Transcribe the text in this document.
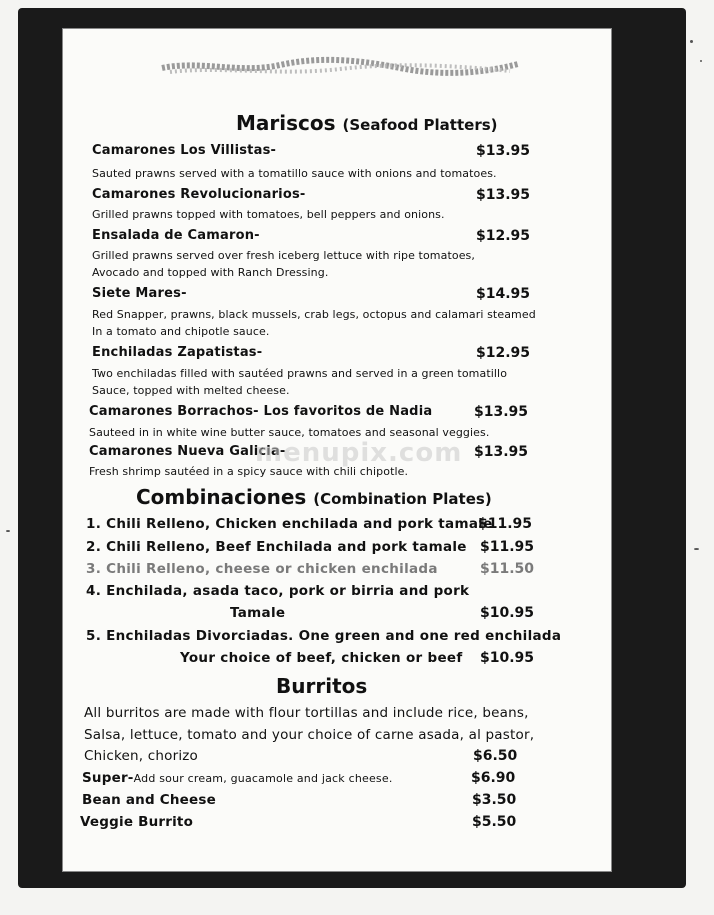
Mariscos (Seafood Platters)
Camarones Los Villistas-	$13.95
Sauted prawns served with a tomatillo sauce with onions and tomatoes.
Camarones Revolucionarios-	$13.95
Grilled prawns topped with tomatoes, bell peppers and onions.
Ensalada de Camaron-	$12.95
Grilled prawns served over fresh iceberg lettuce with ripe tomatoes,
Avocado and topped with Ranch Dressing.
Siete Mares-	$14.95
Red Snapper, prawns, black mussels, crab legs, octopus and calamari steamed
In a tomato and chipotle sauce.
Enchiladas Zapatistas-	$12.95
Two enchiladas filled with sautéed prawns and served in a green tomatillo
Sauce, topped with melted cheese.
Camarones Borrachos- Los favoritos de Nadia	$13.95
Sauteed in in white wine butter sauce, tomatoes and seasonal veggies.
Camarones Nueva Galicia-	$13.95
Fresh shrimp sautéed in a spicy sauce with chili chipotle.
menupix.com
Combinaciones (Combination Plates)
1. Chili Relleno, Chicken enchilada and pork tamale
$11.95
2. Chili Relleno, Beef Enchilada and pork tamale $11.95
3. Chili Relleno, cheese or chicken enchilada	$11.50
4. Enchilada, asada taco, pork or birria and pork
Tamale	$10.95
5. Enchiladas Divorciadas. One green and one red enchilada
Your choice of beef, chicken or beef $10.95
Burritos
All burritos are made with flour tortillas and include rice, beans,
Salsa, lettuce, tomato and your choice of carne asada, al pastor,
Chicken, chorizo	$6.50
Super-Add sour cream, guacamole and jack cheese.	$6.90
Bean and Cheese	$3.50
Veggie Burrito	$5.50
